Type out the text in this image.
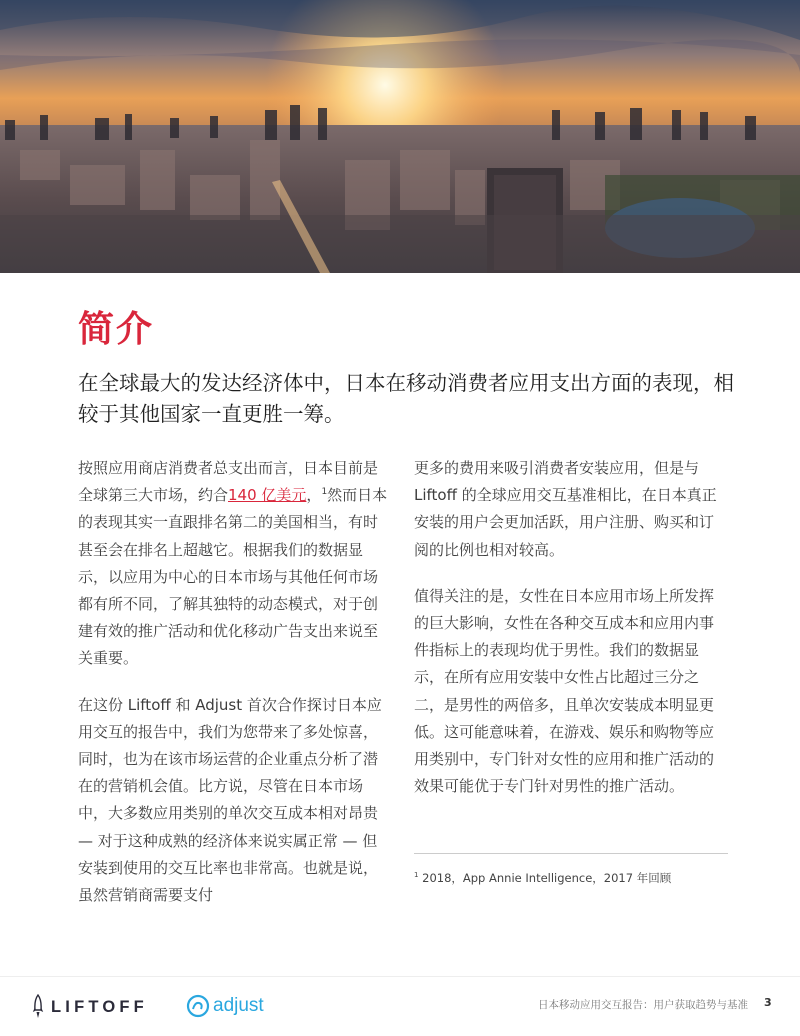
简介

在全球最大的发达经济体中，日本在移动消费者应用支出方面的表现，相较于其他国家一直更胜一筹。

按照应用商店消费者总支出而言，日本目前是全球第三大市场，约合140 亿美元，$^1$然而日本的表现其实一直跟排名第二的美国相当，有时甚至会在排名上超越它。根据我们的数据显示，以应用为中心的日本市场与其他任何市场都有所不同，了解其独特的动态模式，对于创建有效的推广活动和优化移动广告支出来说至关重要。

在这份 Liftoff 和 Adjust 首次合作探讨日本应用交互的报告中，我们为您带来了多处惊喜，同时，也为在该市场运营的企业重点分析了潜在的营销机会值。比方说，尽管在日本市场中，大多数应用类别的单次交互成本相对昂贵— 对于这种成熟的经济体来说实属正常 — 但安装到使用的交互比率也非常高。也就是说，虽然营销商需要支付

更多的费用来吸引消费者安装应用，但是与 Liftoff 的全球应用交互基准相比，在日本真正安装的用户会更加活跃，用户注册、购买和订阅的比例也相对较高。

值得关注的是，女性在日本应用市场上所发挥的巨大影响，女性在各种交互成本和应用内事件指标上的表现均优于男性。我们的数据显示，在所有应用安装中女性占比超过三分之二，是男性的两倍多，且单次安装成本明显更低。这可能意味着，在游戏、娱乐和购物等应用类别中，专门针对女性的应用和推广活动的效果可能优于专门针对男性的推广活动。

$^1$ 2018，App Annie Intelligence，2017 年回顾
LIFTOFF	adjust	日本移动应用交互报告：用户获取趋势与基准 3
